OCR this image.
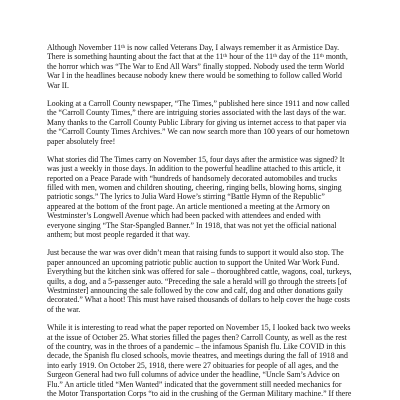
Although November 11th is now called Veterans Day, I always remember it as Armistice Day.
There is something haunting about the fact that at the 11th hour of the 11th day of the 11th month,
the horror which was “The War to End All Wars” finally stopped. Nobody used the term World
War I in the headlines because nobody knew there would be something to follow called World
War II.
Looking at a Carroll County newspaper, “The Times,” published here since 1911 and now called
the “Carroll County Times,” there are intriguing stories associated with the last days of the war.
Many thanks to the Carroll County Public Library for giving us internet access to that paper via
the “Carroll County Times Archives.” We can now search more than 100 years of our hometown
paper absolutely free!
What stories did The Times carry on November 15, four days after the armistice was signed? It
was just a weekly in those days. In addition to the powerful headline attached to this article, it
reported on a Peace Parade with “hundreds of handsomely decorated automobiles and trucks
filled with men, women and children shouting, cheering, ringing bells, blowing horns, singing
patriotic songs.” The lyrics to Julia Ward Howe’s stirring “Battle Hymn of the Republic”
appeared at the bottom of the front page. An article mentioned a meeting at the Armory on
Westminster’s Longwell Avenue which had been packed with attendees and ended with
everyone singing “The Star-Spangled Banner.” In 1918, that was not yet the official national
anthem; but most people regarded it that way.
Just because the war was over didn’t mean that raising funds to support it would also stop. The
paper announced an upcoming patriotic public auction to support the United War Work Fund.
Everything but the kitchen sink was offered for sale – thoroughbred cattle, wagons, coal, turkeys,
quilts, a dog, and a 5-passenger auto. “Preceding the sale a herald will go through the streets [of
Westminster] announcing the sale followed by the cow and calf, dog and other donations gaily
decorated.” What a hoot! This must have raised thousands of dollars to help cover the huge costs
of the war.
While it is interesting to read what the paper reported on November 15, I looked back two weeks
at the issue of October 25. What stories filled the pages then? Carroll County, as well as the rest
of the country, was in the throes of a pandemic – the infamous Spanish flu. Like COVID in this
decade, the Spanish flu closed schools, movie theatres, and meetings during the fall of 1918 and
into early 1919. On October 25, 1918, there were 27 obituaries for people of all ages, and the
Surgeon General had two full columns of advice under the headline, “Uncle Sam’s Advice on
Flu.” An article titled “Men Wanted” indicated that the government still needed mechanics for
the Motor Transportation Corps “to aid in the crushing of the German Military machine.” If there
